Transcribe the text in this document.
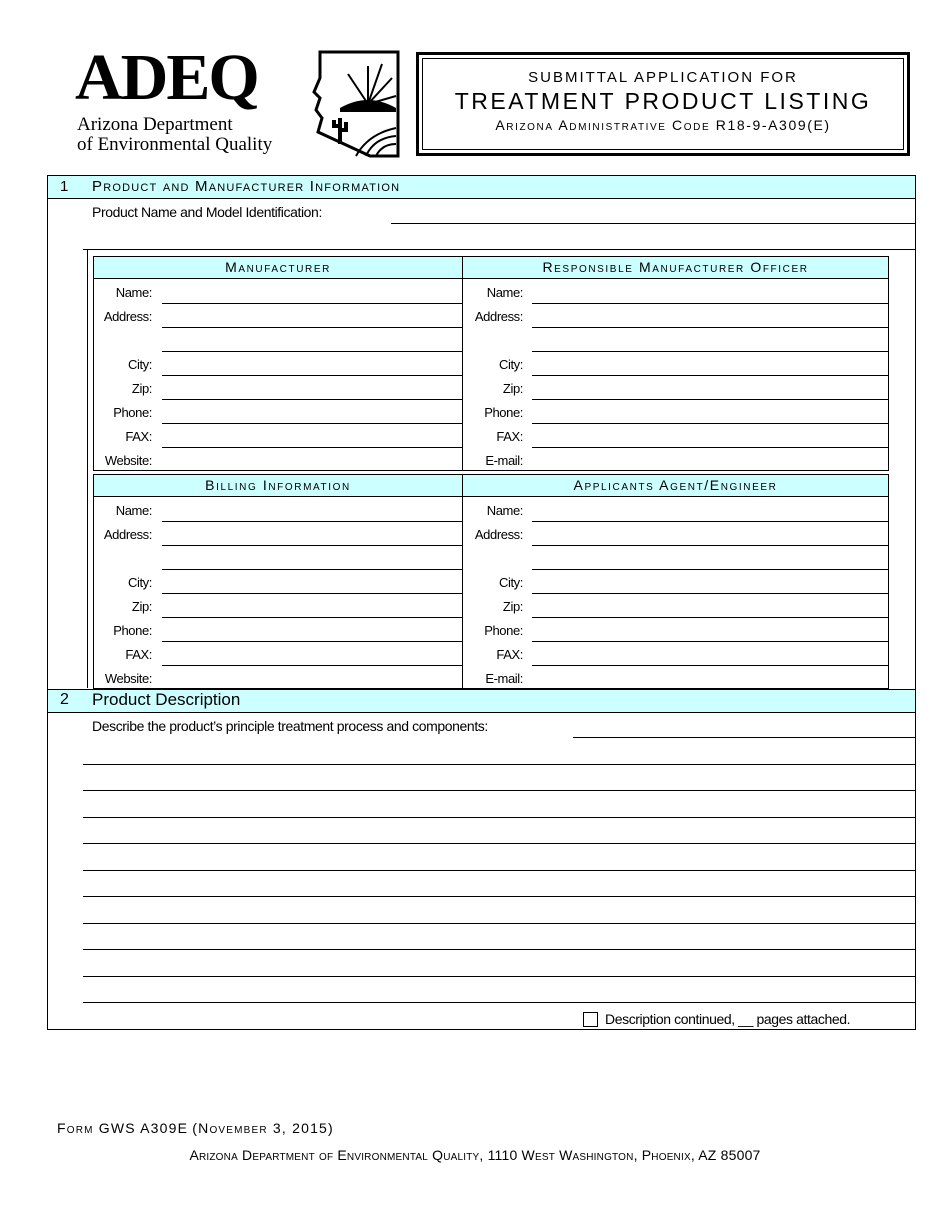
ADEQ
Arizona Department
of Environmental Quality
SUBMITTAL APPLICATION FOR
TREATMENT PRODUCT LISTING
Arizona Administrative Code R18-9-A309(E)
1 Product and Manufacturer Information
Product Name and Model Identification:
Manufacturer
Name:
Address:
City:
Zip:
Phone:
FAX:
Website:
Responsible Manufacturer Officer
Name:
Address:
City:
Zip:
Phone:
FAX:
E-mail:
Billing Information
Name:
Address:
City:
Zip:
Phone:
FAX:
Website:
Applicants Agent/Engineer
Name:
Address:
City:
Zip:
Phone:
FAX:
E-mail:
2 Product Description
Describe the product’s principle treatment process and components:
Description continued, __ pages attached.
Form GWS A309E (November 3, 2015)
Arizona Department of Environmental Quality, 1110 West Washington, Phoenix, AZ 85007
